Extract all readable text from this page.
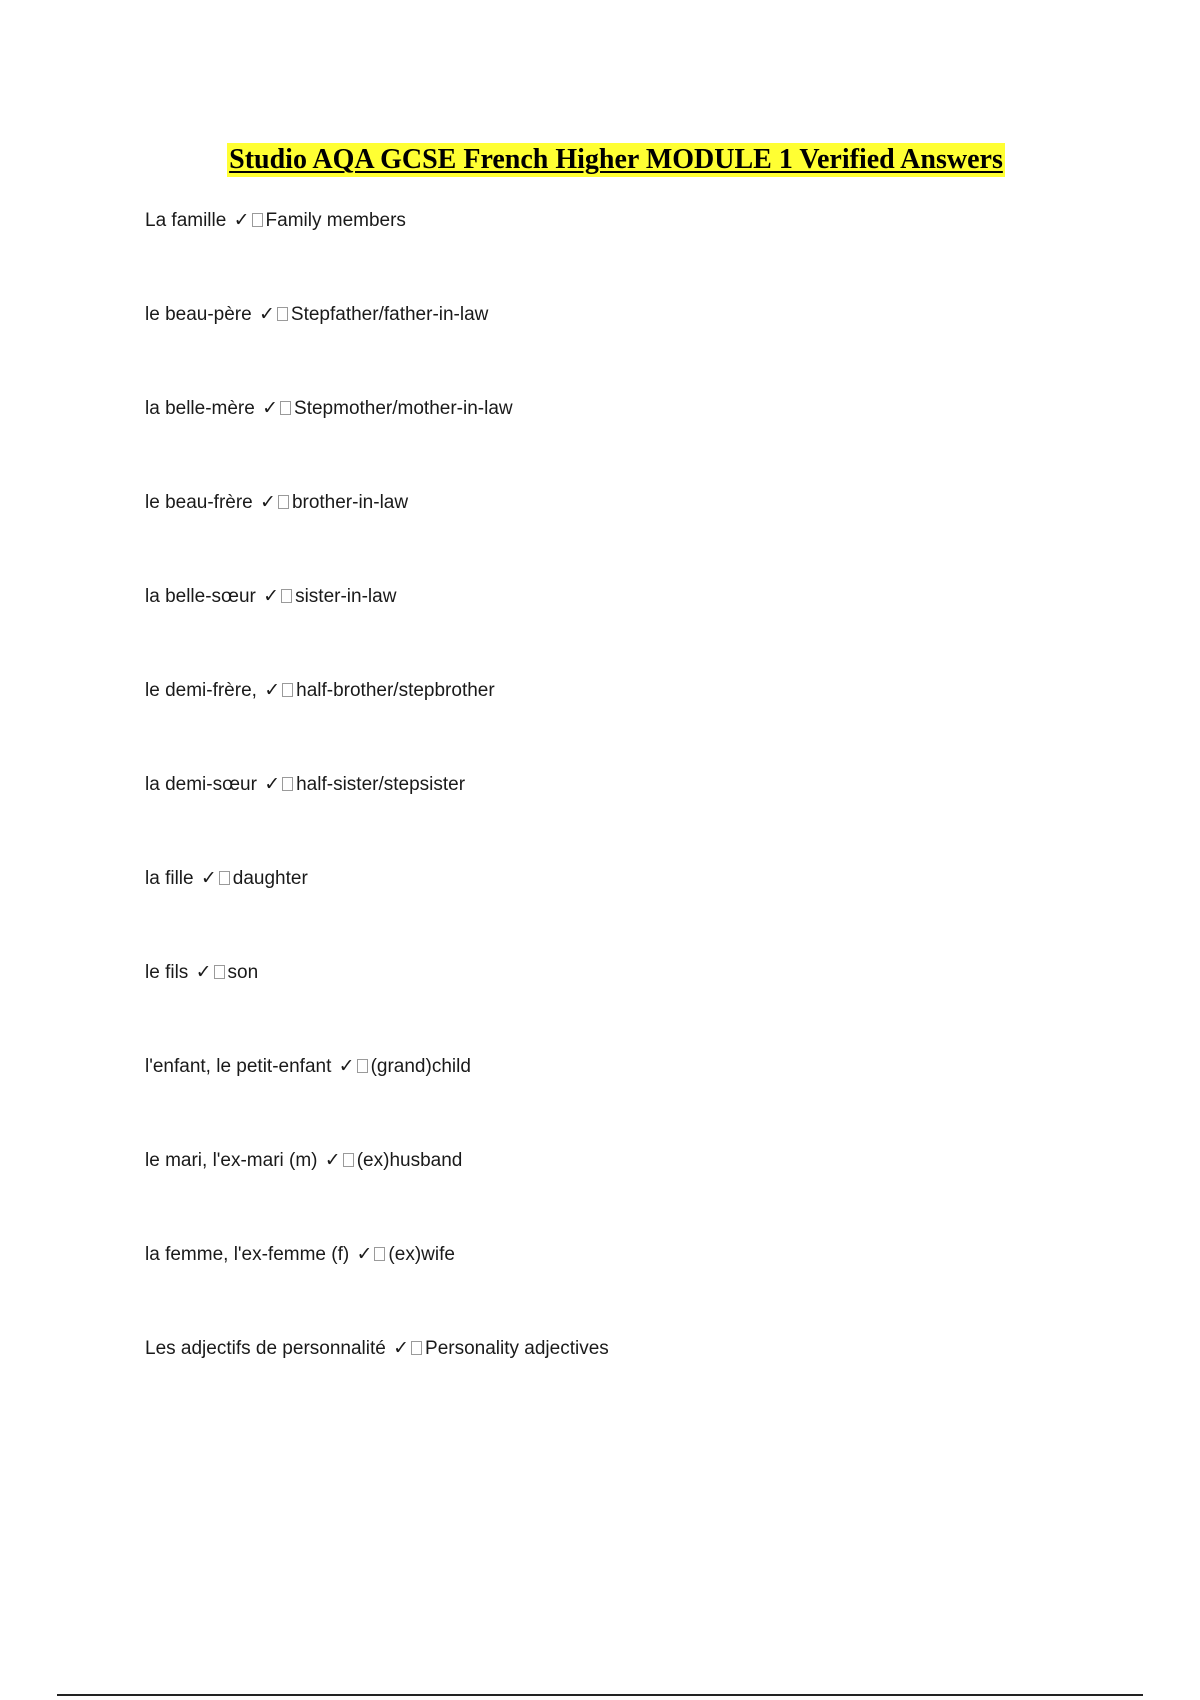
Studio AQA GCSE French Higher MODULE 1 Verified Answers
La famille ✓ Family members
le beau-père ✓ Stepfather/father-in-law
la belle-mère ✓ Stepmother/mother-in-law
le beau-frère ✓ brother-in-law
la belle-sœur ✓ sister-in-law
le demi-frère, ✓ half-brother/stepbrother
la demi-sœur ✓ half-sister/stepsister
la fille ✓ daughter
le fils ✓ son
l'enfant, le petit-enfant ✓ (grand)child
le mari, l'ex-mari (m) ✓ (ex)husband
la femme, l'ex-femme (f) ✓ (ex)wife
Les adjectifs de personnalité ✓ Personality adjectives
